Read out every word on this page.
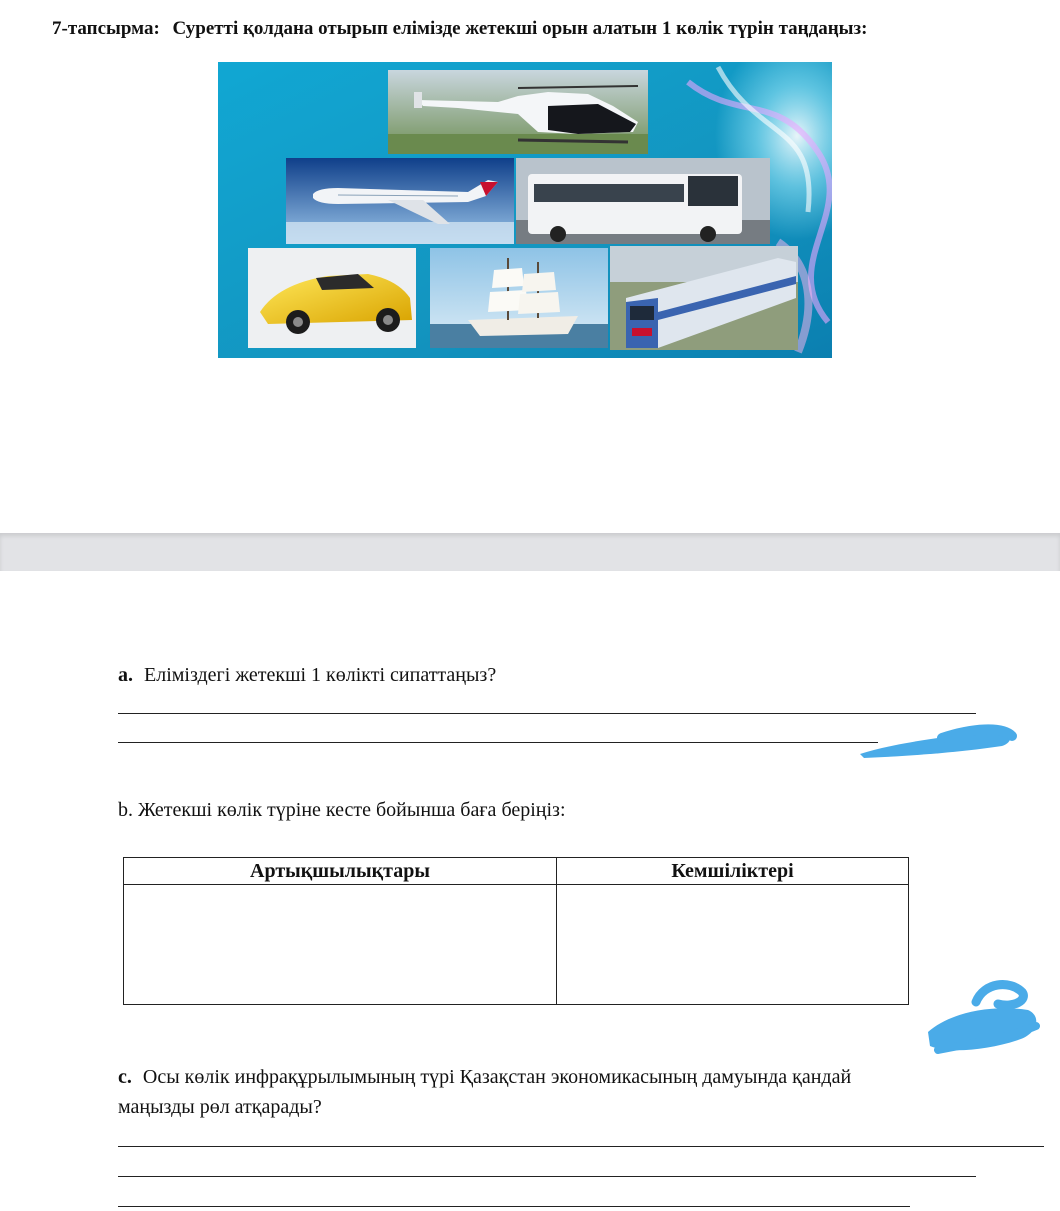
7-тапсырма: Суретті қолдана отырып елімізде жетекші орын алатын 1 көлік түрін таңдаңыз:

a. Еліміздегі жетекші 1 көлікті сипаттаңыз?

b. Жетекші көлік түріне кесте бойынша баға беріңіз:

Артықшылықтары	Кемшіліктері

c. Осы көлік инфрақұрылымының түрі Қазақстан экономикасының дамуында қандай

маңызды рөл атқарады?
